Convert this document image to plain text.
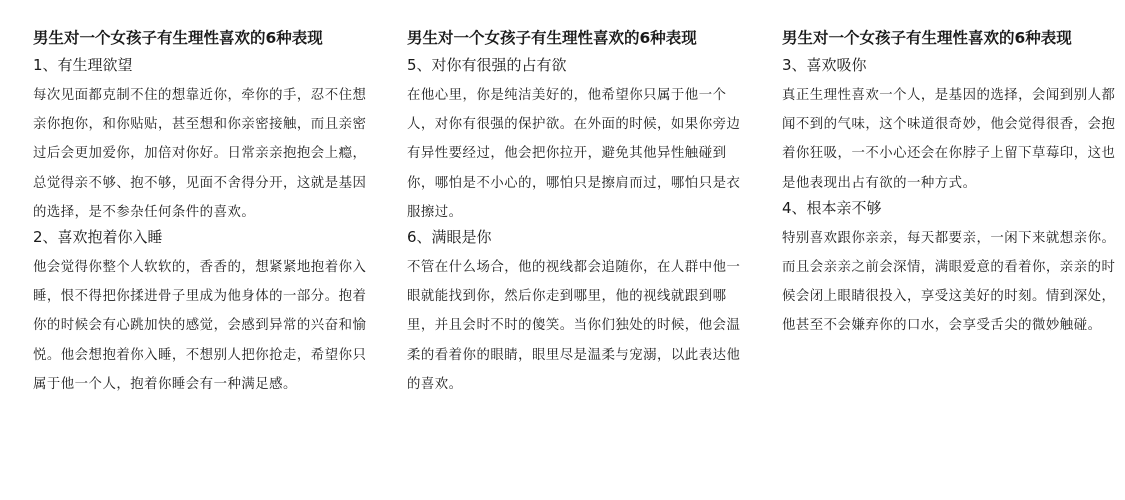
男生对一个女孩子有生理性喜欢的6种表现
1、有生理欲望
每次见面都克制不住的想靠近你，牵你的手，忍不住想亲你抱你，和你贴贴，甚至想和你亲密接触，而且亲密过后会更加爱你，加倍对你好。日常亲亲抱抱会上瘾，总觉得亲不够、抱不够，见面不舍得分开，这就是基因的选择，是不参杂任何条件的喜欢。
2、喜欢抱着你入睡
他会觉得你整个人软软的，香香的，想紧紧地抱着你入睡，恨不得把你揉进骨子里成为他身体的一部分。抱着你的时候会有心跳加快的感觉，会感到异常的兴奋和愉悦。他会想抱着你入睡，不想别人把你抢走，希望你只属于他一个人，抱着你睡会有一种满足感。
男生对一个女孩子有生理性喜欢的6种表现
5、对你有很强的占有欲
在他心里，你是纯洁美好的，他希望你只属于他一个人，对你有很强的保护欲。在外面的时候，如果你旁边有异性要经过，他会把你拉开，避免其他异性触碰到你，哪怕是不小心的，哪怕只是擦肩而过，哪怕只是衣服擦过。
6、满眼是你
不管在什么场合，他的视线都会追随你，在人群中他一眼就能找到你，然后你走到哪里，他的视线就跟到哪里，并且会时不时的傻笑。当你们独处的时候，他会温柔的看着你的眼睛，眼里尽是温柔与宠溺，以此表达他的喜欢。
男生对一个女孩子有生理性喜欢的6种表现
3、喜欢吸你
真正生理性喜欢一个人，是基因的选择，会闻到别人都闻不到的气味，这个味道很奇妙，他会觉得很香，会抱着你狂吸，一不小心还会在你脖子上留下草莓印，这也是他表现出占有欲的一种方式。
4、根本亲不够
特别喜欢跟你亲亲，每天都要亲，一闲下来就想亲你。而且会亲亲之前会深情，满眼爱意的看着你，亲亲的时候会闭上眼睛很投入，享受这美好的时刻。情到深处，他甚至不会嫌弃你的口水，会享受舌尖的微妙触碰。
